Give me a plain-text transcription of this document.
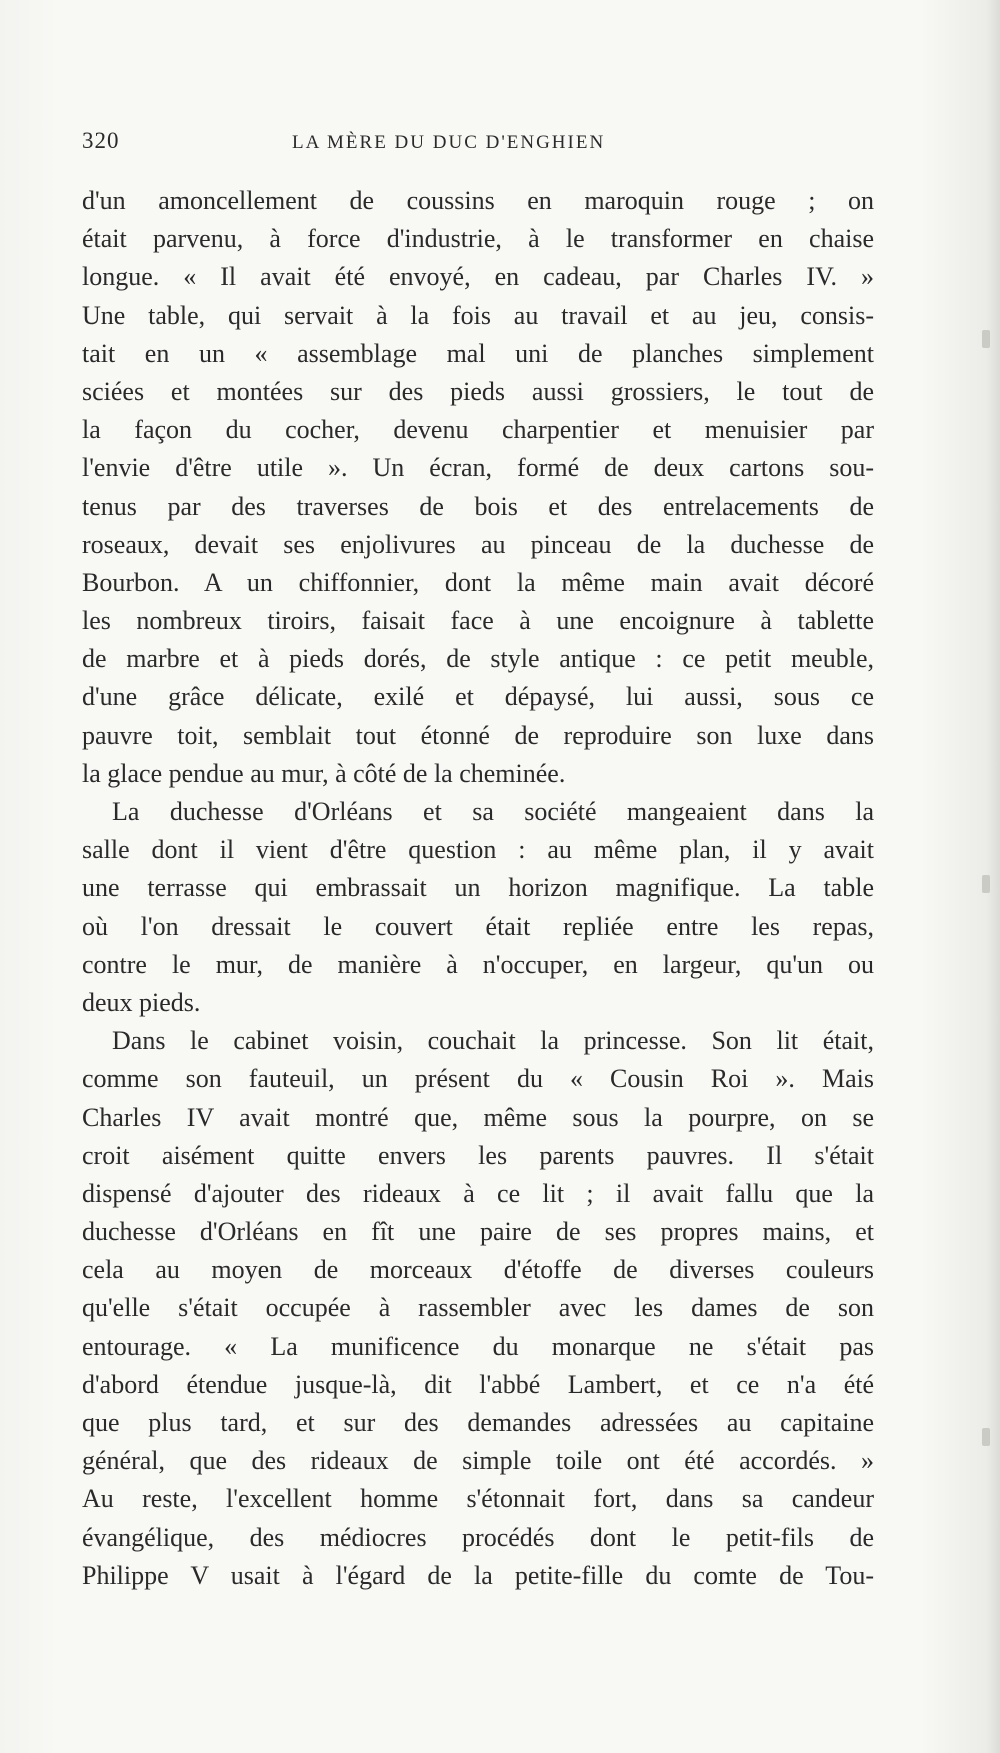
320	LA MÈRE DU DUC D'ENGHIEN
d'un amoncellement de coussins en maroquin rouge ; on
était parvenu, à force d'industrie, à le transformer en chaise
longue. « Il avait été envoyé, en cadeau, par Charles IV. »
Une table, qui servait à la fois au travail et au jeu, consis-
tait en un « assemblage mal uni de planches simplement
sciées et montées sur des pieds aussi grossiers, le tout de
la façon du cocher, devenu charpentier et menuisier par
l'envie d'être utile ». Un écran, formé de deux cartons sou-
tenus par des traverses de bois et des entrelacements de
roseaux, devait ses enjolivures au pinceau de la duchesse de
Bourbon. A un chiffonnier, dont la même main avait décoré
les nombreux tiroirs, faisait face à une encoignure à tablette
de marbre et à pieds dorés, de style antique : ce petit meuble,
d'une grâce délicate, exilé et dépaysé, lui aussi, sous ce
pauvre toit, semblait tout étonné de reproduire son luxe dans
la glace pendue au mur, à côté de la cheminée.
La duchesse d'Orléans et sa société mangeaient dans la
salle dont il vient d'être question : au même plan, il y avait
une terrasse qui embrassait un horizon magnifique. La table
où l'on dressait le couvert était repliée entre les repas,
contre le mur, de manière à n'occuper, en largeur, qu'un ou
deux pieds.
Dans le cabinet voisin, couchait la princesse. Son lit était,
comme son fauteuil, un présent du « Cousin Roi ». Mais
Charles IV avait montré que, même sous la pourpre, on se
croit aisément quitte envers les parents pauvres. Il s'était
dispensé d'ajouter des rideaux à ce lit ; il avait fallu que la
duchesse d'Orléans en fît une paire de ses propres mains, et
cela au moyen de morceaux d'étoffe de diverses couleurs
qu'elle s'était occupée à rassembler avec les dames de son
entourage. « La munificence du monarque ne s'était pas
d'abord étendue jusque-là, dit l'abbé Lambert, et ce n'a été
que plus tard, et sur des demandes adressées au capitaine
général, que des rideaux de simple toile ont été accordés. »
Au reste, l'excellent homme s'étonnait fort, dans sa candeur
évangélique, des médiocres procédés dont le petit-fils de
Philippe V usait à l'égard de la petite-fille du comte de Tou-
